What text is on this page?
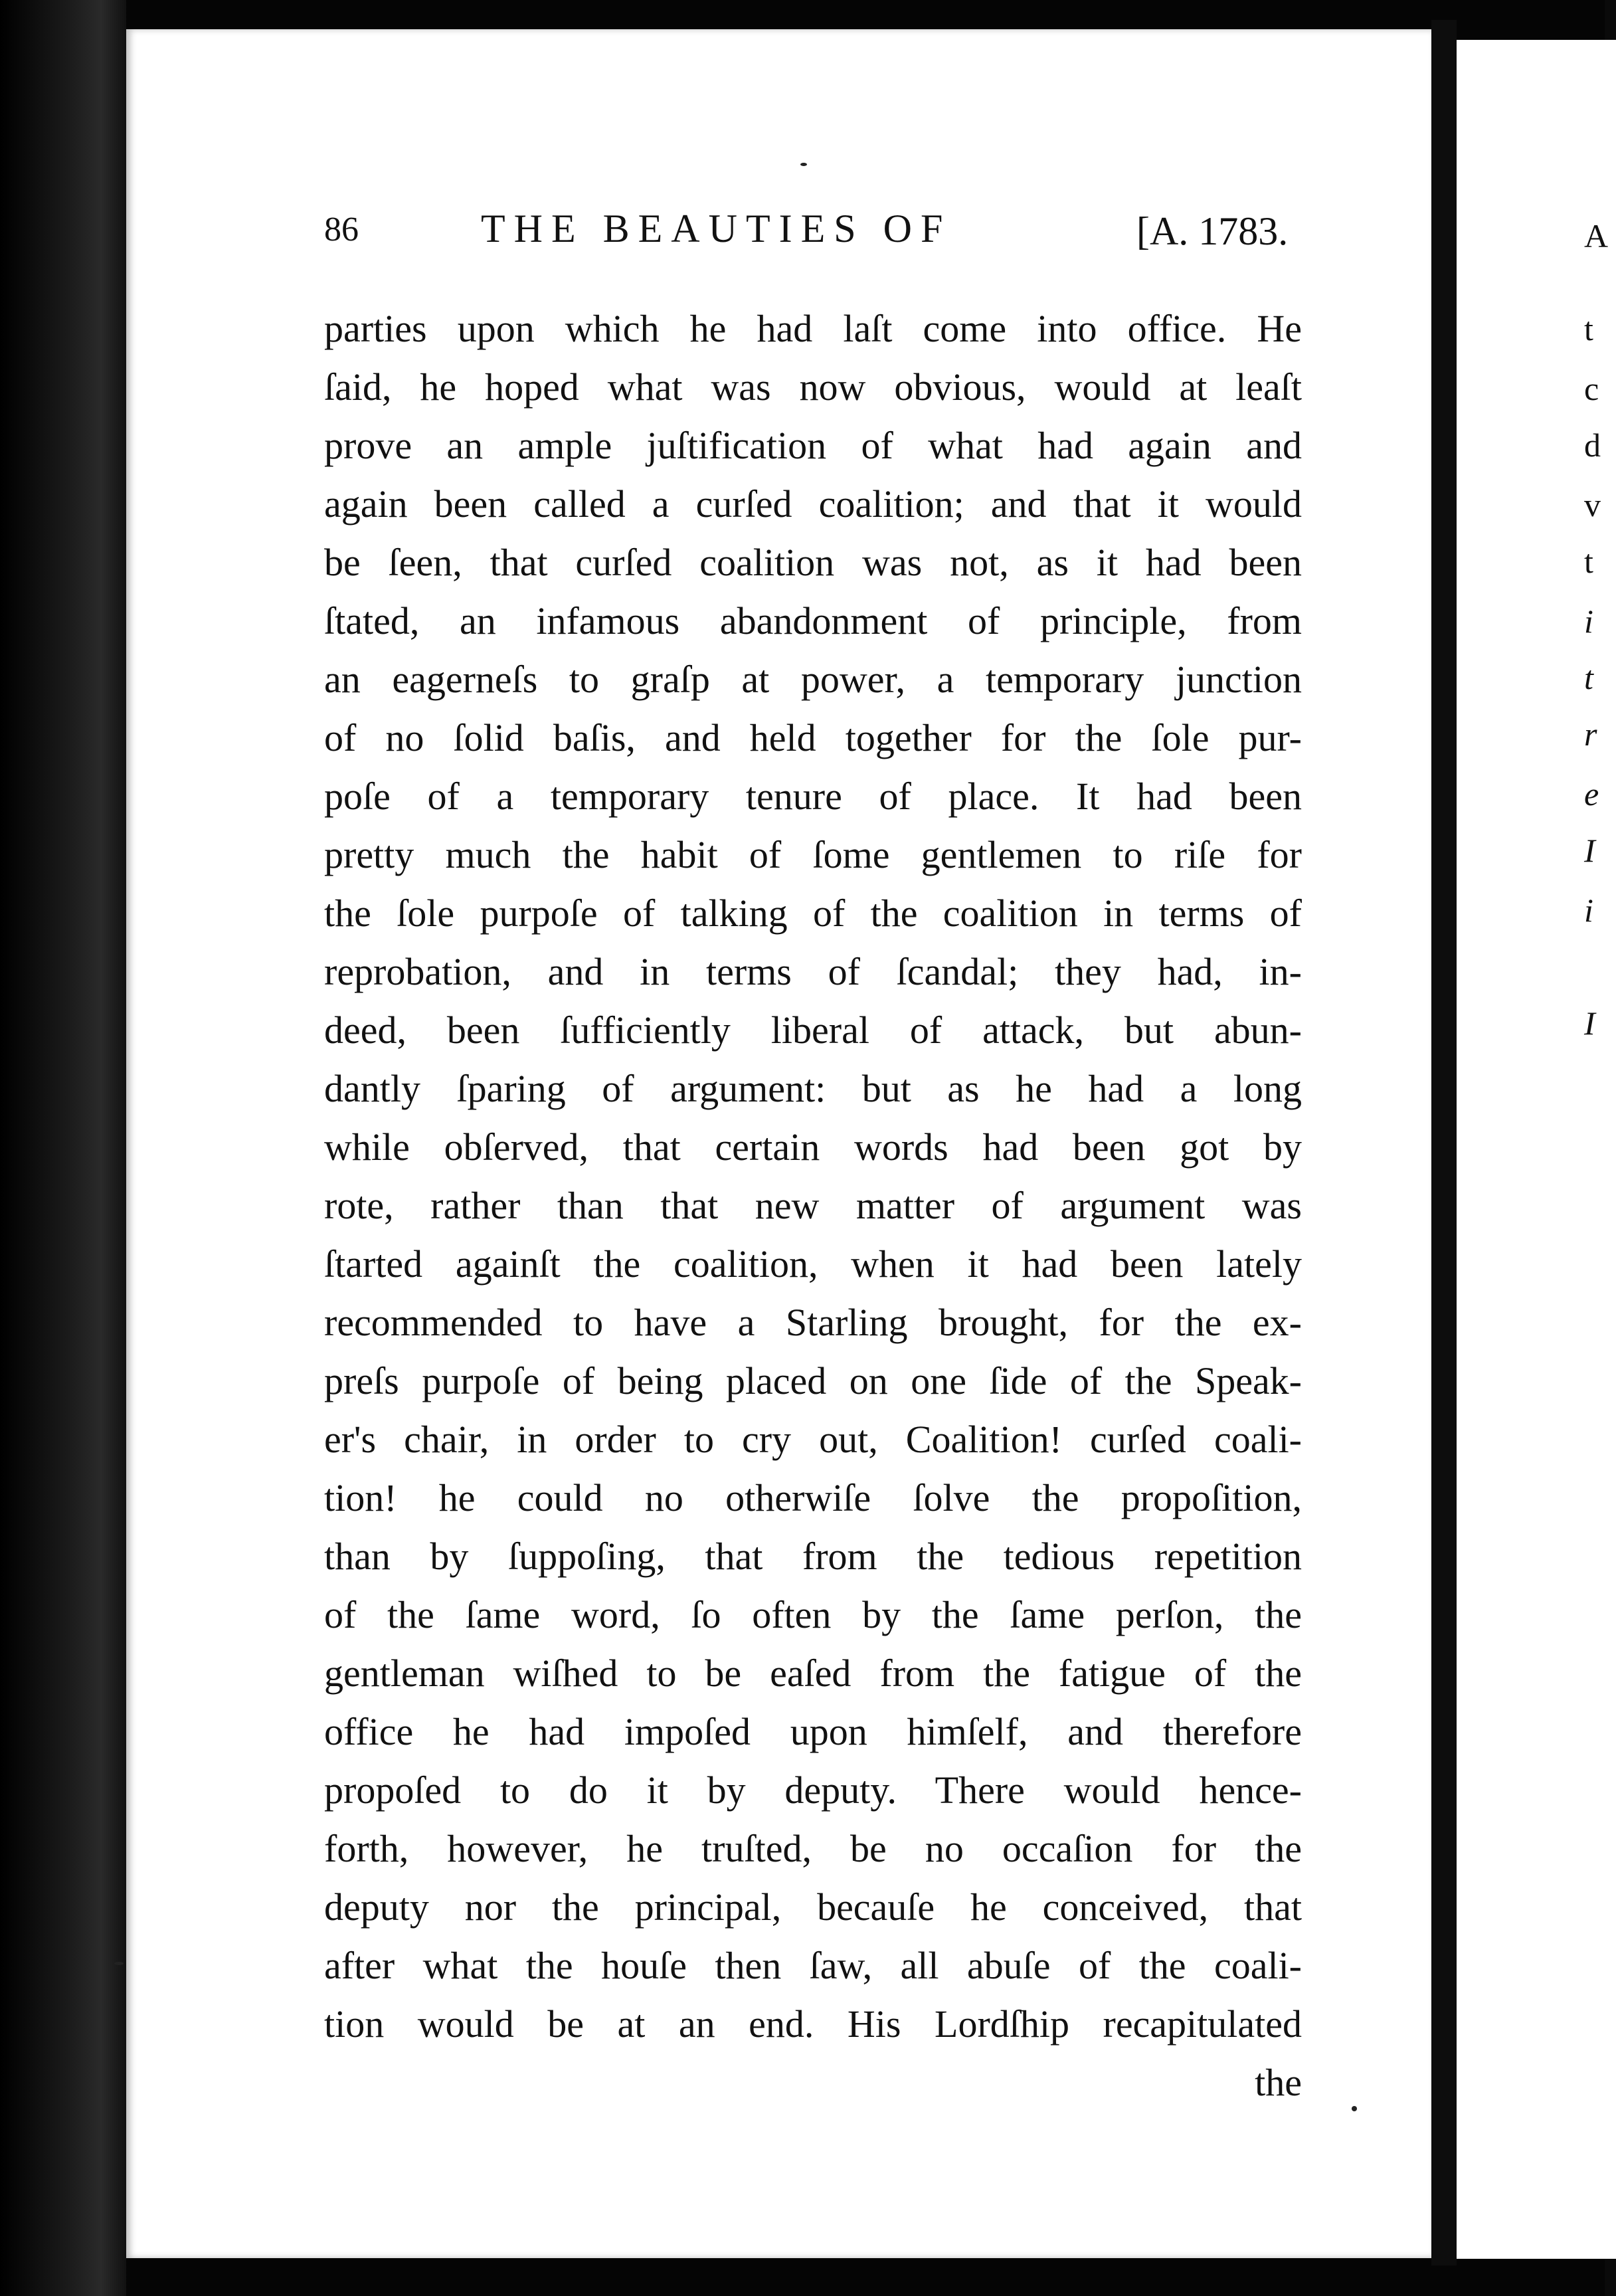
86	THE BEAUTIES OF	[A. 1783.

parties upon which he had laſt come into office. He

ſaid, he hoped what was now obvious, would at leaſt

prove an ample juſtification of what had again and

again been called a curſed coalition; and that it would

be ſeen, that curſed coalition was not, as it had been

ſtated, an infamous abandonment of principle, from

an eagerneſs to graſp at power, a temporary junction

of no ſolid baſis, and held together for the ſole pur-

poſe of a temporary tenure of place. It had been

pretty much the habit of ſome gentlemen to riſe for

the ſole purpoſe of talking of the coalition in terms of

reprobation, and in terms of ſcandal; they had, in-

deed, been ſufficiently liberal of attack, but abun-

dantly ſparing of argument: but as he had a long

while obſerved, that certain words had been got by

rote, rather than that new matter of argument was

ſtarted againſt the coalition, when it had been lately

recommended to have a Starling brought, for the ex-

preſs purpoſe of being placed on one ſide of the Speak-

er's chair, in order to cry out, Coalition! curſed coali-

tion! he could no otherwiſe ſolve the propoſition,

than by ſuppoſing, that from the tedious repetition

of the ſame word, ſo often by the ſame perſon, the

gentleman wiſhed to be eaſed from the fatigue of the

office he had impoſed upon himſelf, and therefore

propoſed to do it by deputy. There would hence-

forth, however, he truſted, be no occaſion for the

deputy nor the principal, becauſe he conceived, that

after what the houſe then ſaw, all abuſe of the coali-

tion would be at an end. His Lordſhip recapitulated

the

A
t
c
d
v
t
i
t
r
e
I
i
I
